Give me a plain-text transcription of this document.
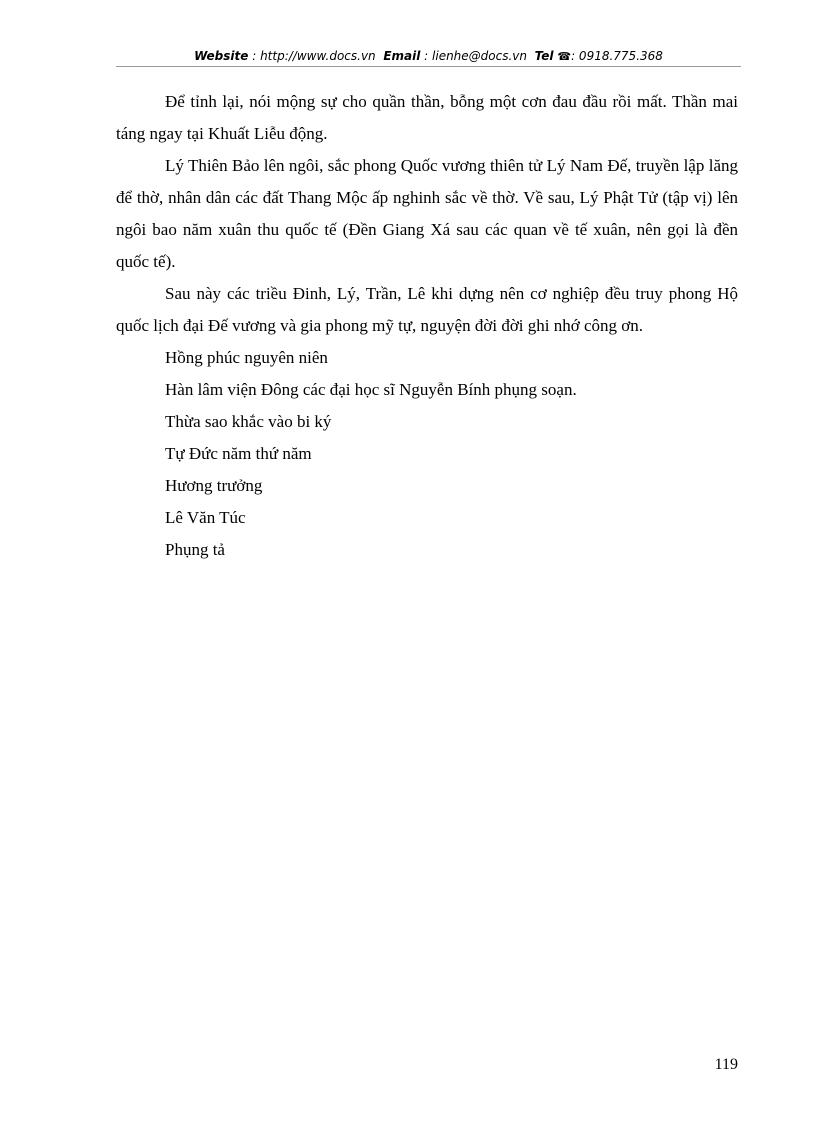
Website : http://www.docs.vn Email : lienhe@docs.vn Tel ☎: 0918.775.368

Để tỉnh lại, nói mộng sự cho quần thần, bỗng một cơn đau đầu rồi mất. Thần mai táng ngay tại Khuất Liễu động.

Lý Thiên Bảo lên ngôi, sắc phong Quốc vương thiên tử Lý Nam Đế, truyền lập lăng để thờ, nhân dân các đất Thang Mộc ấp nghinh sắc về thờ. Về sau, Lý Phật Tử (tập vị) lên ngôi bao năm xuân thu quốc tế (Đền Giang Xá sau các quan về tế xuân, nên gọi là đền quốc tế).

Sau này các triều Đinh, Lý, Trần, Lê khi dựng nên cơ nghiệp đều truy phong Hộ quốc lịch đại Đế vương và gia phong mỹ tự, nguyện đời đời ghi nhớ công ơn.

Hồng phúc nguyên niên

Hàn lâm viện Đông các đại học sĩ Nguyễn Bính phụng soạn.

Thừa sao khắc vào bi ký

Tự Đức năm thứ năm

Hương trưởng

Lê Văn Túc

Phụng tả

119
